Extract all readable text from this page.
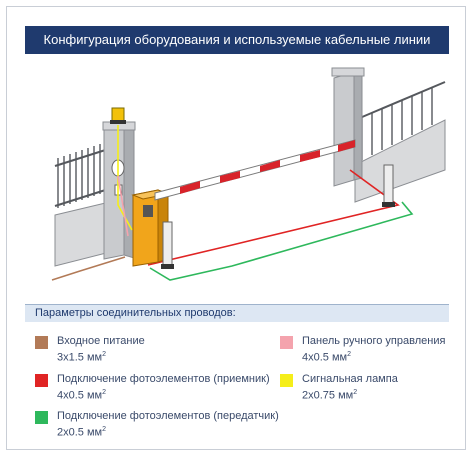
Конфигурация оборудования и используемые кабельные линии
Параметры соединительных проводов:
Входное питание
3x1.5 $мм^2$
Панель ручного управления
4x0.5 $мм^2$
Подключение фотоэлементов (приемник)
4x0.5 $мм^2$
Сигнальная лампа
2x0.75 $мм^2$
Подключение фотоэлементов (передатчик)
2x0.5 $мм^2$
